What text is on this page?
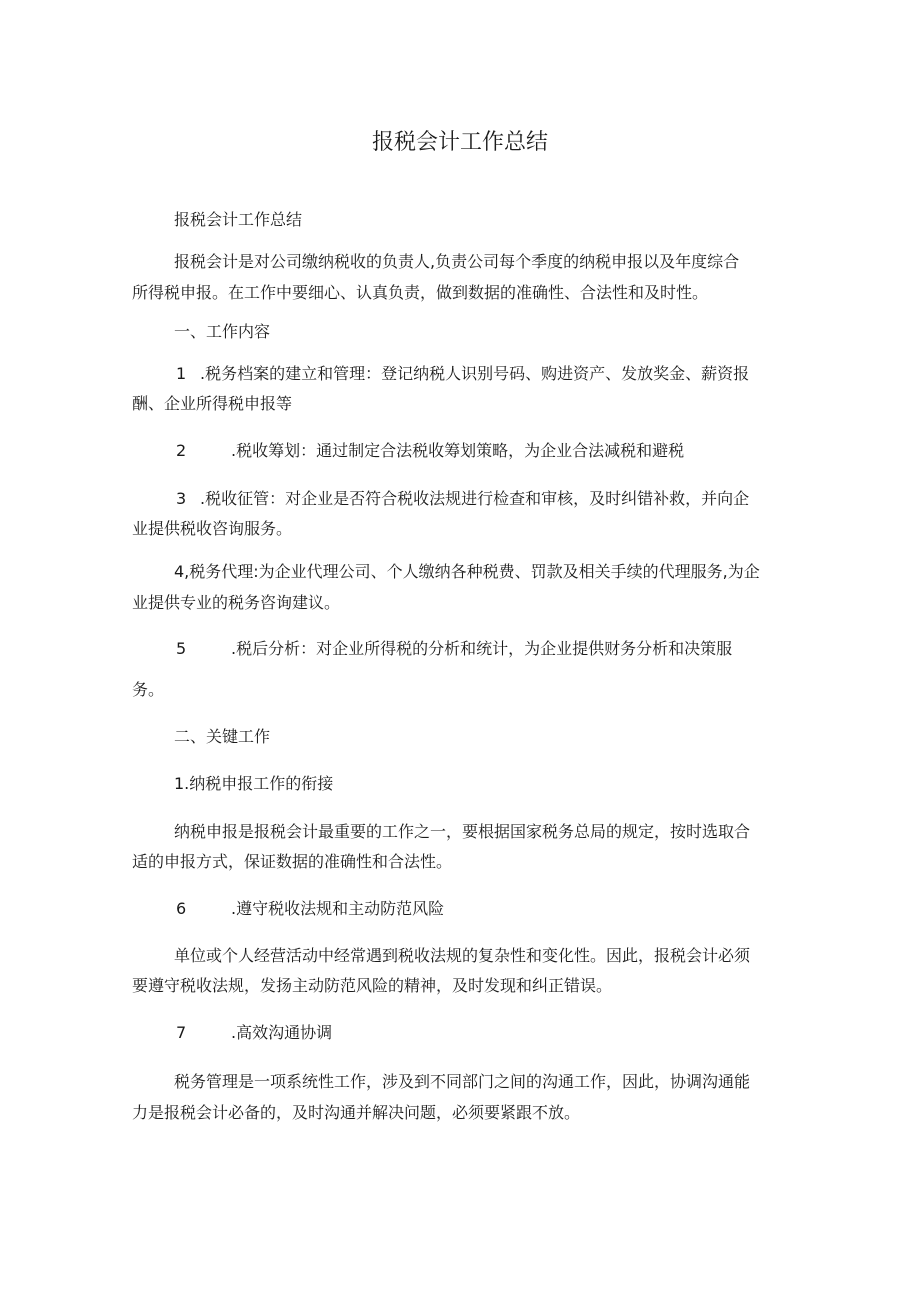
报税会计工作总结
报税会计工作总结
报税会计是对公司缴纳税收的负责人,负责公司每个季度的纳税申报以及年度综合
所得税申报。在工作中要细心、认真负责，做到数据的准确性、合法性和及时性。
一、工作内容
1 .税务档案的建立和管理：登记纳税人识别号码、购进资产、发放奖金、薪资报
酬、企业所得税申报等
2	.税收筹划：通过制定合法税收筹划策略，为企业合法减税和避税
3 .税收征管：对企业是否符合税收法规进行检查和审核，及时纠错补救，并向企
业提供税收咨询服务。
4,税务代理:为企业代理公司、个人缴纳各种税费、罚款及相关手续的代理服务,为企
业提供专业的税务咨询建议。
5	.税后分析：对企业所得税的分析和统计，为企业提供财务分析和决策服
务。
二、关键工作
1.纳税申报工作的衔接
纳税申报是报税会计最重要的工作之一，要根据国家税务总局的规定，按时选取合
适的申报方式，保证数据的准确性和合法性。
6	.遵守税收法规和主动防范风险
单位或个人经营活动中经常遇到税收法规的复杂性和变化性。因此，报税会计必须
要遵守税收法规，发扬主动防范风险的精神，及时发现和纠正错误。
7	.高效沟通协调
税务管理是一项系统性工作，涉及到不同部门之间的沟通工作，因此，协调沟通能
力是报税会计必备的，及时沟通并解决问题，必须要紧跟不放。
